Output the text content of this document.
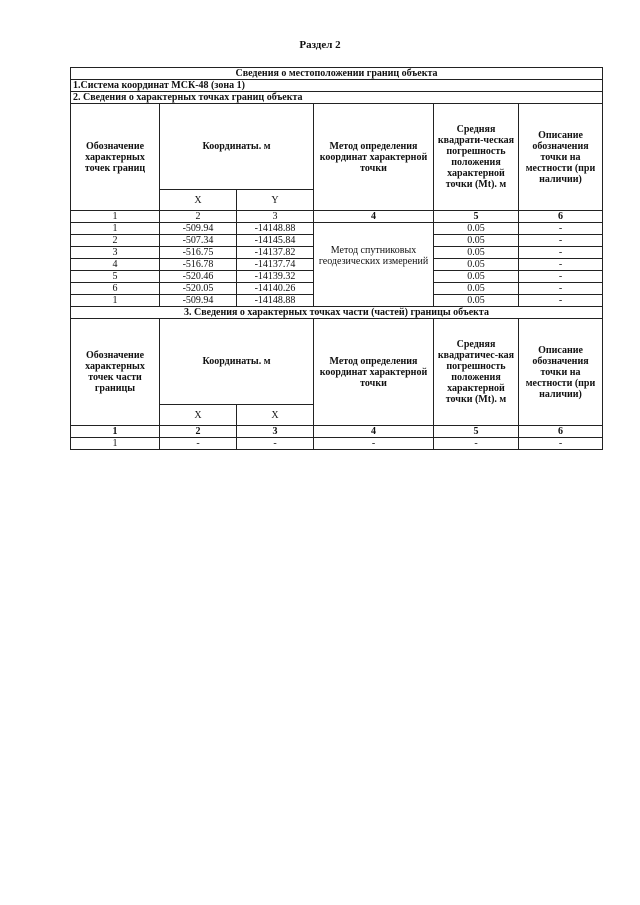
Раздел 2
Сведения о местоположении границ объекта					
1.Система координат МСК-48 (зона 1)					
2. Сведения о характерных точках границ объекта					
Обозначение характерных точек границ	Координаты. м		Метод определения координат характерной точки	Средняя квадрати-ческая погрешность положения характерной точки (Mt). м	Описание обозначения точки на местности (при наличии)
	X	Y			
1	2	3	4	5	6
1	-509.94	-14148.88	Метод спутниковых геодезических измерений	0.05	-
2	-507.34	-14145.84		0.05	-
3	-516.75	-14137.82		0.05	-
4	-516.78	-14137.74		0.05	-
5	-520.46	-14139.32		0.05	-
6	-520.05	-14140.26		0.05	-
1	-509.94	-14148.88		0.05	-
3. Сведения о характерных точках части (частей) границы объекта					
Обозначение характерных точек части границы	Координаты. м		Метод определения координат характерной точки	Средняя квадратичес-кая погрешность положения характерной точки (Mt). м	Описание обозначения точки на местности (при наличии)
	X	X			
1	2	3	4	5	6
1	-	-	-	-	-
